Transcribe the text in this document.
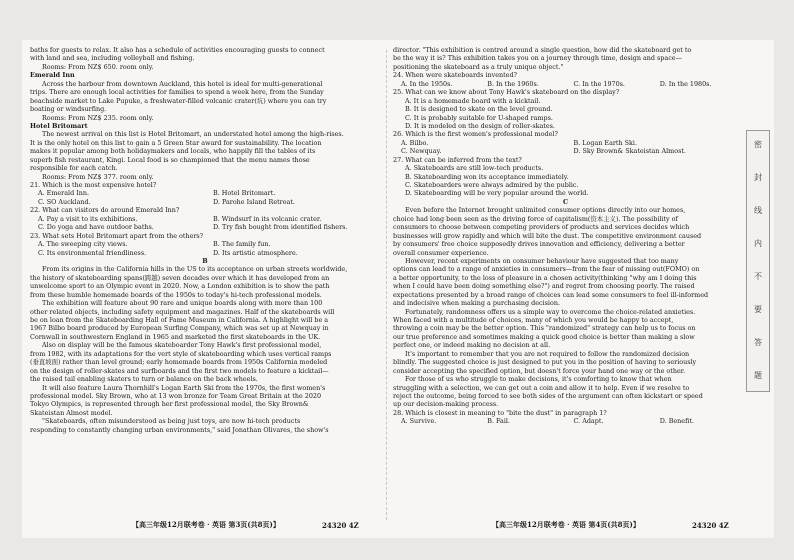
baths for guests to relax. It also has a schedule of activities encouraging guests to connect
with land and sea, including volleyball and fishing.
Rooms: From NZ$ 650. room only.
Emerald Inn
Across the harbour from downtown Auckland, this hotel is ideal for multi-generational
trips. There are enough local activities for families to spend a week here, from the Sunday
beachside market to Lake Pupuke, a freshwater-filled volcanic crater(坑) where you can try
boating or windsurfing.
Rooms: From NZ$ 235. room only.
Hotel Britomart
The newest arrival on this list is Hotel Britomart, an understated hotel among the high-rises.
It is the only hotel on this list to gain a 5 Green Star award for sustainability. The location
makes it popular among both holidaymakers and locals, who happily fill the tables of its
superb fish restaurant, Kingi. Local food is so championed that the menu names those
responsible for each catch.
Rooms: From NZ$ 377. room only.
21. Which is the most expensive hotel?
A. Emerald Inn.	B. Hotel Britomart.
C. SO Auckland.	D. Parohe Island Retreat.
22. What can visitors do around Emerald Inn?
A. Pay a visit to its exhibitions.	B. Windsurf in its volcanic crater.
C. Do yoga and have outdoor baths.	D. Try fish bought from identified fishers.
23. What sets Hotel Britomart apart from the others?
A. The sweeping city views.	B. The family fun.
C. Its environmental friendliness.	D. Its artistic atmosphere.
B
From its origins in the California hills in the US to its acceptance on urban streets worldwide,
the history of skateboarding spans(跨越) seven decades over which it has developed from an
unwelcome sport to an Olympic event in 2020. Now, a London exhibition is to show the path
from these humble homemade boards of the 1950s to today's hi-tech professional models.
The exhibition will feature about 90 rare and unique boards along with more than 100
other related objects, including safety equipment and magazines. Half of the skateboards will
be on loan from the Skateboarding Hall of Fame Museum in California. A highlight will be a
1967 Bilbo board produced by European Surfing Company, which was set up at Newquay in
Cornwall in southwestern England in 1965 and marketed the first skateboards in the UK.
Also on display will be the famous skateboarder Tony Hawk's first professional model,
from 1982, with its adaptations for the vert style of skateboarding which uses vertical ramps
(垂直坡面) rather than level ground; early homemade boards from 1950s California modeled
on the design of roller-skates and surfboards and the first two models to feature a kicktail—
the raised tail enabling skaters to turn or balance on the back wheels.
It will also feature Laura Thornhill's Logan Earth Ski from the 1970s, the first women's
professional model. Sky Brown, who at 13 won bronze for Team Great Britain at the 2020
Tokyo Olympics, is represented through her first professional model, the Sky Brown&
Skateistan Almost model.
"Skateboards, often misunderstood as being just toys, are now hi-tech products
responding to constantly changing urban environments," said Jonathan Olivares, the show's
director. "This exhibition is centred around a single question, how did the skateboard get to
be the way it is? This exhibition takes you on a journey through time, design and space—
positioning the skateboard as a truly unique object."
24. When were skateboards invented?
A. In the 1950s.	B. In the 1960s.	C. In the 1970s.	D. In the 1980s.
25. What can we know about Tony Hawk's skateboard on the display?
A. It is a homemade board with a kicktail.
B. It is designed to skate on the level ground.
C. It is probably suitable for U-shaped ramps.
D. It is modeled on the design of roller-skates.
26. Which is the first women's professional model?
A. Bilbo.	B. Logan Earth Ski.
C. Newquay.	D. Sky Brown& Skateistan Almost.
27. What can be inferred from the text?
A. Skateboards are still low-tech products.
B. Skateboarding won its acceptance immediately.
C. Skateboarders were always admired by the public.
D. Skateboarding will be very popular around the world.
C
Even before the Internet brought unlimited consumer options directly into our homes,
choice had long been seen as the driving force of capitalism(资本主义). The possibility of
consumers to choose between competing providers of products and services decides which
businesses will grow rapidly and which will bite the dust. The competitive environment caused
by consumers' free choice supposedly drives innovation and efficiency, delivering a better
overall consumer experience.
However, recent experiments on consumer behaviour have suggested that too many
options can lead to a range of anxieties in consumers—from the fear of missing out(FOMO) on
a better opportunity, to the loss of pleasure in a chosen activity(thinking "why am I doing this
when I could have been doing something else?") and regret from choosing poorly. The raised
expectations presented by a broad range of choices can lead some consumers to feel ill-informed
and indecisive when making a purchasing decision.
Fortunately, randomness offers us a simple way to overcome the choice-related anxieties.
When faced with a multitude of choices, many of which you would be happy to accept,
throwing a coin may be the better option. This "randomized" strategy can help us to focus on
our true preference and sometimes making a quick good choice is better than making a slow
perfect one, or indeed making no decision at all.
It's important to remember that you are not required to follow the randomized decision
blindly. The suggested choice is just designed to put you in the position of having to seriously
consider accepting the specified option, but doesn't force your hand one way or the other.
For those of us who struggle to make decisions, it's comforting to know that when
struggling with a selection, we can get out a coin and allow it to help. Even if we resolve to
reject the outcome, being forced to see both sides of the argument can often kickstart or speed
up our decision-making process.
28. Which is closest in meaning to "bite the dust" in paragraph 1?
A. Survive.	B. Fail.	C. Adapt.	D. Benefit.
【高三年级12月联考卷 · 英语 第3页(共8页)】	24320 4Z	【高三年级12月联考卷 · 英语 第4页(共8页)】	24320 4Z
密
封
线
内
不
要
答
题
